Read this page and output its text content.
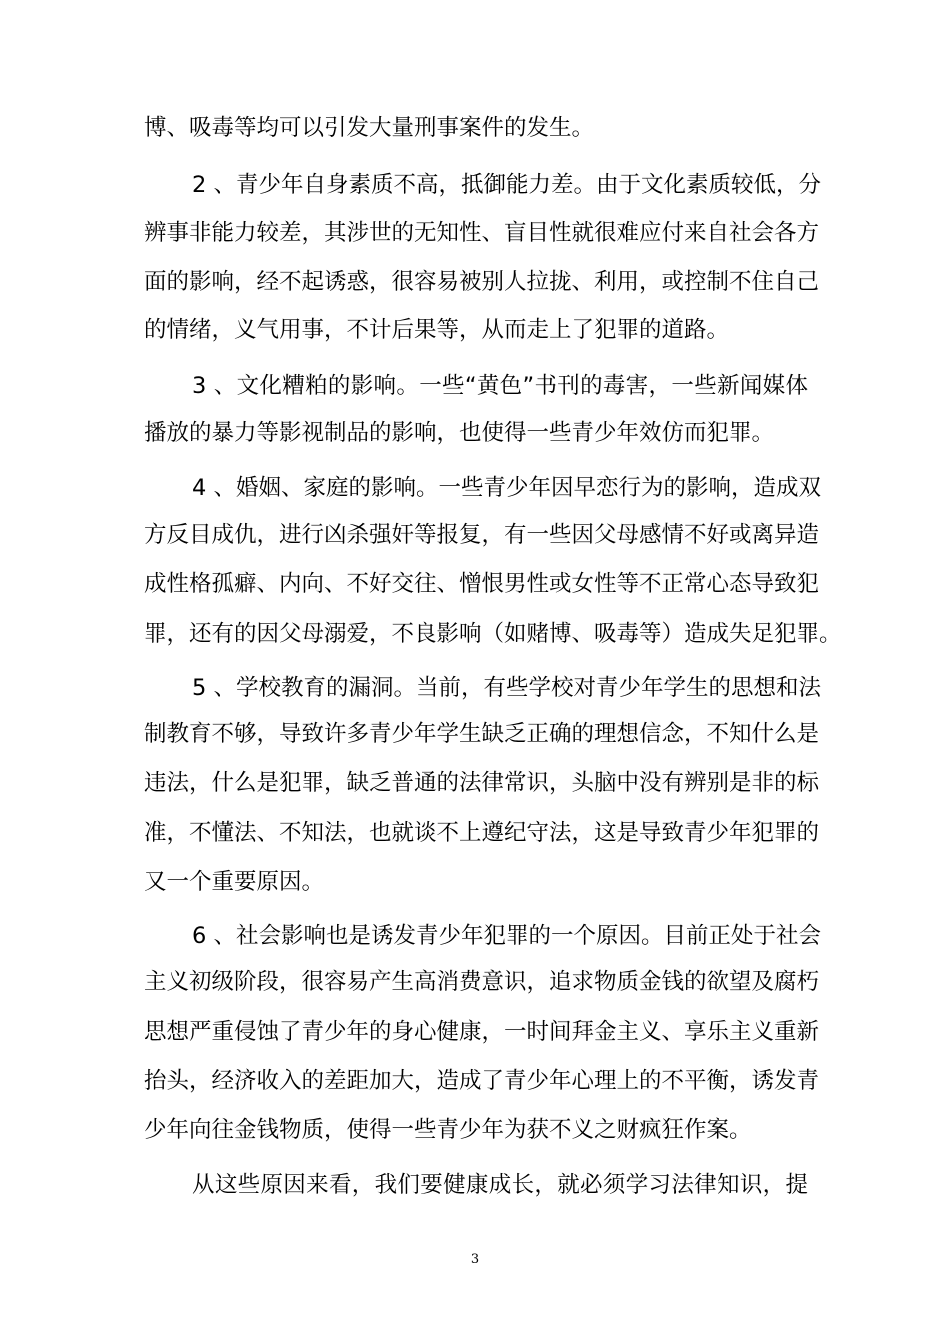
博、吸毒等均可以引发大量刑事案件的发生。
2 、青少年自身素质不高，抵御能力差。由于文化素质较低，分
辨事非能力较差，其涉世的无知性、盲目性就很难应付来自社会各方
面的影响，经不起诱惑，很容易被别人拉拢、利用，或控制不住自己
的情绪，义气用事，不计后果等，从而走上了犯罪的道路。
3 、文化糟粕的影响。一些“黄色”书刊的毒害，一些新闻媒体
播放的暴力等影视制品的影响，也使得一些青少年效仿而犯罪。
4 、婚姻、家庭的影响。一些青少年因早恋行为的影响，造成双
方反目成仇，进行凶杀强奸等报复，有一些因父母感情不好或离异造
成性格孤癖、内向、不好交往、憎恨男性或女性等不正常心态导致犯
罪，还有的因父母溺爱，不良影响（如赌博、吸毒等）造成失足犯罪。
5 、学校教育的漏洞。当前，有些学校对青少年学生的思想和法
制教育不够，导致许多青少年学生缺乏正确的理想信念，不知什么是
违法，什么是犯罪，缺乏普通的法律常识，头脑中没有辨别是非的标
准，不懂法、不知法，也就谈不上遵纪守法，这是导致青少年犯罪的
又一个重要原因。
6 、社会影响也是诱发青少年犯罪的一个原因。目前正处于社会
主义初级阶段，很容易产生高消费意识，追求物质金钱的欲望及腐朽
思想严重侵蚀了青少年的身心健康，一时间拜金主义、享乐主义重新
抬头，经济收入的差距加大，造成了青少年心理上的不平衡，诱发青
少年向往金钱物质，使得一些青少年为获不义之财疯狂作案。
从这些原因来看，我们要健康成长，就必须学习法律知识，提
3
